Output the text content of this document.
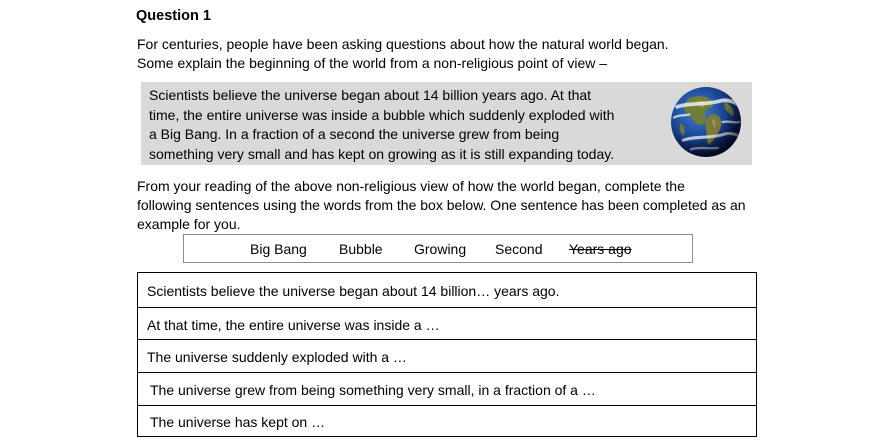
Question 1
For centuries, people have been asking questions about how the natural world began.
Some explain the beginning of the world from a non-religious point of view –
Scientists believe the universe began about 14 billion years ago. At that
time, the entire universe was inside a bubble which suddenly exploded with
a Big Bang. In a fraction of a second the universe grew from being
something very small and has kept on growing as it is still expanding today.
From your reading of the above non-religious view of how the world began, complete the
following sentences using the words from the box below. One sentence has been completed as an
example for you.
Big Bang Bubble Growing Second Years ago
Scientists believe the universe began about 14 billion… years ago.
At that time, the entire universe was inside a …
The universe suddenly exploded with a …
The universe grew from being something very small, in a fraction of a …
The universe has kept on …
